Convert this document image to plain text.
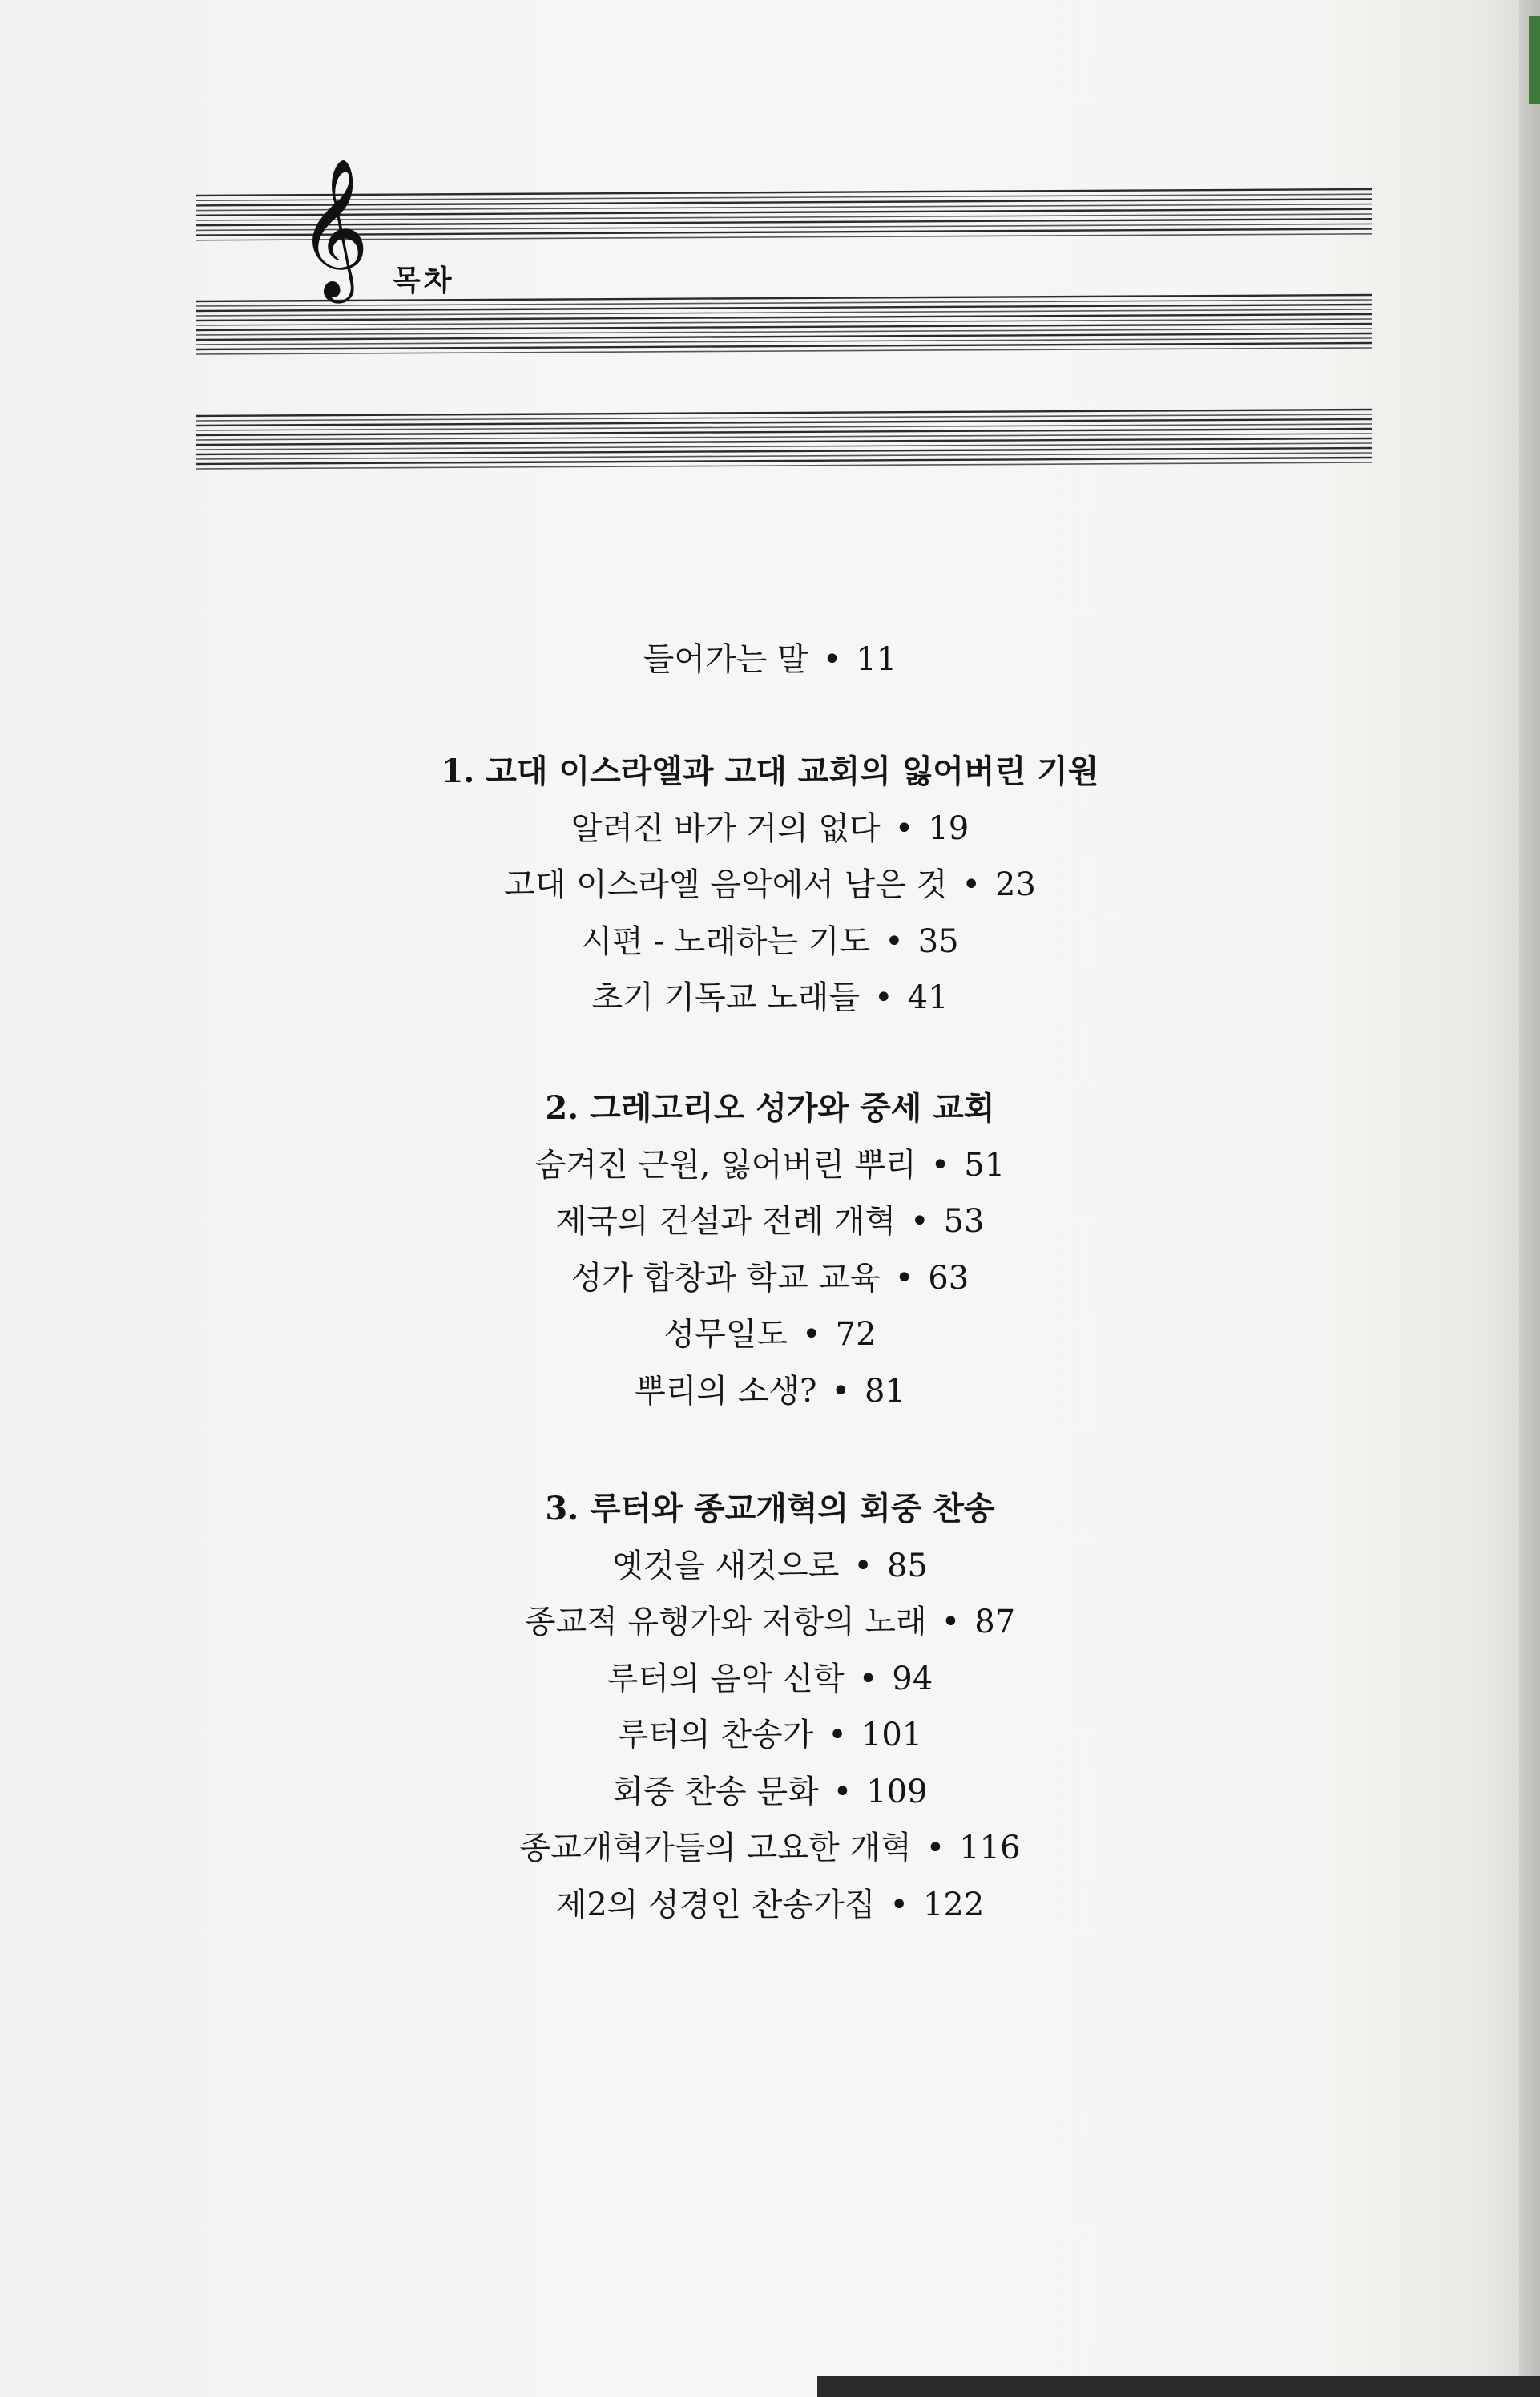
𝄞 목차
들어가는 말 • 11
1. 고대 이스라엘과 고대 교회의 잃어버린 기원
알려진 바가 거의 없다 • 19
고대 이스라엘 음악에서 남은 것 • 23
시편 - 노래하는 기도 • 35
초기 기독교 노래들 • 41
2. 그레고리오 성가와 중세 교회
숨겨진 근원, 잃어버린 뿌리 • 51
제국의 건설과 전례 개혁 • 53
성가 합창과 학교 교육 • 63
성무일도 • 72
뿌리의 소생? • 81
3. 루터와 종교개혁의 회중 찬송
옛것을 새것으로 • 85
종교적 유행가와 저항의 노래 • 87
루터의 음악 신학 • 94
루터의 찬송가 • 101
회중 찬송 문화 • 109
종교개혁가들의 고요한 개혁 • 116
제2의 성경인 찬송가집 • 122
